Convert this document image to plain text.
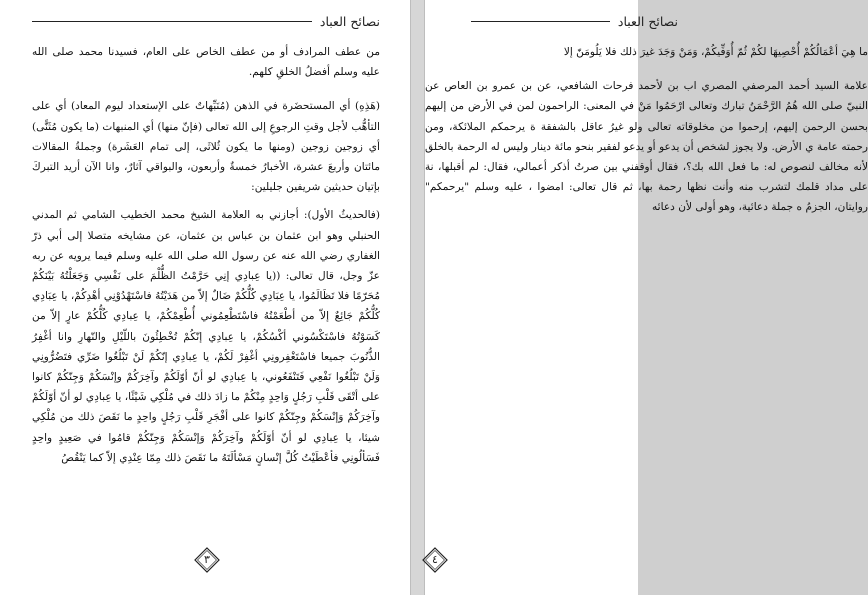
نصائح العباد

من عطف المرادف أو من عطف الخاص على العام، فسيدنا محمد صلى الله عليه وسلم أفضلُ الخلقِ كلهم.

(هَذِهِ) أي المستحضَرة في الذهن (مُنَبِّهاتٌ على الإستعداد ليوم المعاد) أي على التأهُّب لأجل وقتِ الرجوعِ إلى الله تعالى (فإنّ منها) أي المنبهات (ما يكون مُثَنًّى) أي زوجين زوجين (ومنها ما يكون ثُلاثَى، إلى تمام العَشَرة) وجملةُ المقالات مائتان وأربعَ عشرة، الأخبارُ خمسةٌ وأربعون، والبواقي آثارٌ، وانا الآن أريد التبركَ بإتيان حديثين شريفين جليلين:

(فالحديثُ الأول): أجازني به العلامة الشيخ محمد الخطيب الشامي ثم المدني الحنبلي وهو ابن عثمان بن عباس بن عثمان، عن مشايخه متصلا إلى أبي ذرّ الغفاري رضي الله عنه عن رسول الله صلى الله عليه وسلم فيما يرويه عن ربه عزّ وجل، قال تعالى: ((يا عِبادِي إنِي حَرَّمْتُ الظُّلْمَ على نَفْسِي وَجَعَلْتُهُ بَيْنَكُمْ مُحَرّمًا فلا تَظَالَمُوا، يا عِبَادِي كُلُّكُمْ ضَالٌ إلاّ من هَدَيْتُهُ فاسْتَهْدُوْنِي أهْدِكُمْ، يا عِبَادِي كُلُّكُمْ جَائِعٌ إلاّ من أطْعَمْتُهُ فاسْتَطْعِمُوني أُطْعِمْكُمْ، يا عِبادِي كُلُّكُمْ عارٍ إلاّ من كَسَوْتُهُ فاسْتَكْسُوني أكْسُكُمْ، يا عِبادِي إنّكُمْ تُخْطِئُونَ باللّيْلِ والنّهارِ وانا أغْفِرُ الذُّنُوبَ جميعا فاسْتَغْفِرونِي أغْفِرْ لَكُمْ، يا عِبادِي إنّكُمْ لَنْ تَبْلُغُوا ضَرِّي فتَضُرُّونِي وَلَنْ تَبْلُغُوا نَفْعِي فَتَنْفَعُوني، يا عِبادِي لو أنّ أوّلَكُمْ وآخِرَكُمْ وإنْسَكُمْ وَجِنّكُمْ كانوا على أتْقَى قَلْبِ رَجُلٍ وَاحِدٍ مِنْكُمْ ما زادَ ذلك في مُلْكِي شَيْئًا، يا عِبادِي لو أنّ أوّلَكُمْ وآخِرَكُمْ وَإنْسَكُمْ وجِنّكُمْ كانوا على أفْجَرِ قَلْبِ رَجُلٍ واحِدٍ ما نَقَصَ ذلك من مُلْكِي شيئا، يا عِبادِي لو أنّ أوّلَكُمْ وآخِرَكُمْ وَإنْسَكُمْ وَجِنّكُمْ قامُوا في صَعِيدٍ واحِدٍ فَسَألُونِي فأعْطَيْتُ كُلَّ إنْسانٍ مَسْألَتَهُ ما نَقَصَ ذلك مِمّا عِنْدِي إلاّ كما يَنْقُصُ

٣
نصائح العباد

ما هِيَ أعْمَالُكُمْ أُحْصِيهَا لكُمْ ثُمّ أُوَفِّيكُمْ، وَمَنْ وَجَدَ غيرَ ذلك فلا يَلُومَنّ إلا

علامة السيد أحمد المرصفي المصري اب بن لأحمد فرحات الشافعي، عن بن عمرو بن العاص عن النبيّ صلى الله هُمُ الرَّحْمَنُ تبارك وتعالى ارْحَمُوا مَنْ في المعنى: الراحمون لمن في الأرض من إليهم بحسن الرحمن إليهم، إرحموا من مخلوقاته تعالى ولو غيرُ عاقل بالشفقة ة يرحمكم الملائكة، ومن رحمته عامة ي الأرض. ولا يجوز لشخص أن يدعو أو يدعو لفقير بنحو مائة دينار وليس له الرحمة بالخلق لأنه مخالف لنصوص له: ما فعل الله بك؟، فقال أوقفني بين صرتُ أذكر أعمالي، فقال: لم أقبلها، نة على مداد قلمك لتشرب منه وأنت نظها رحمة بها، ثم قال تعالى: امضوا ، عليه وسلم "يرحمكم" روايتان، الجزمُ ه جملة دعائية، وهو أولى لأن دعائه

٤
